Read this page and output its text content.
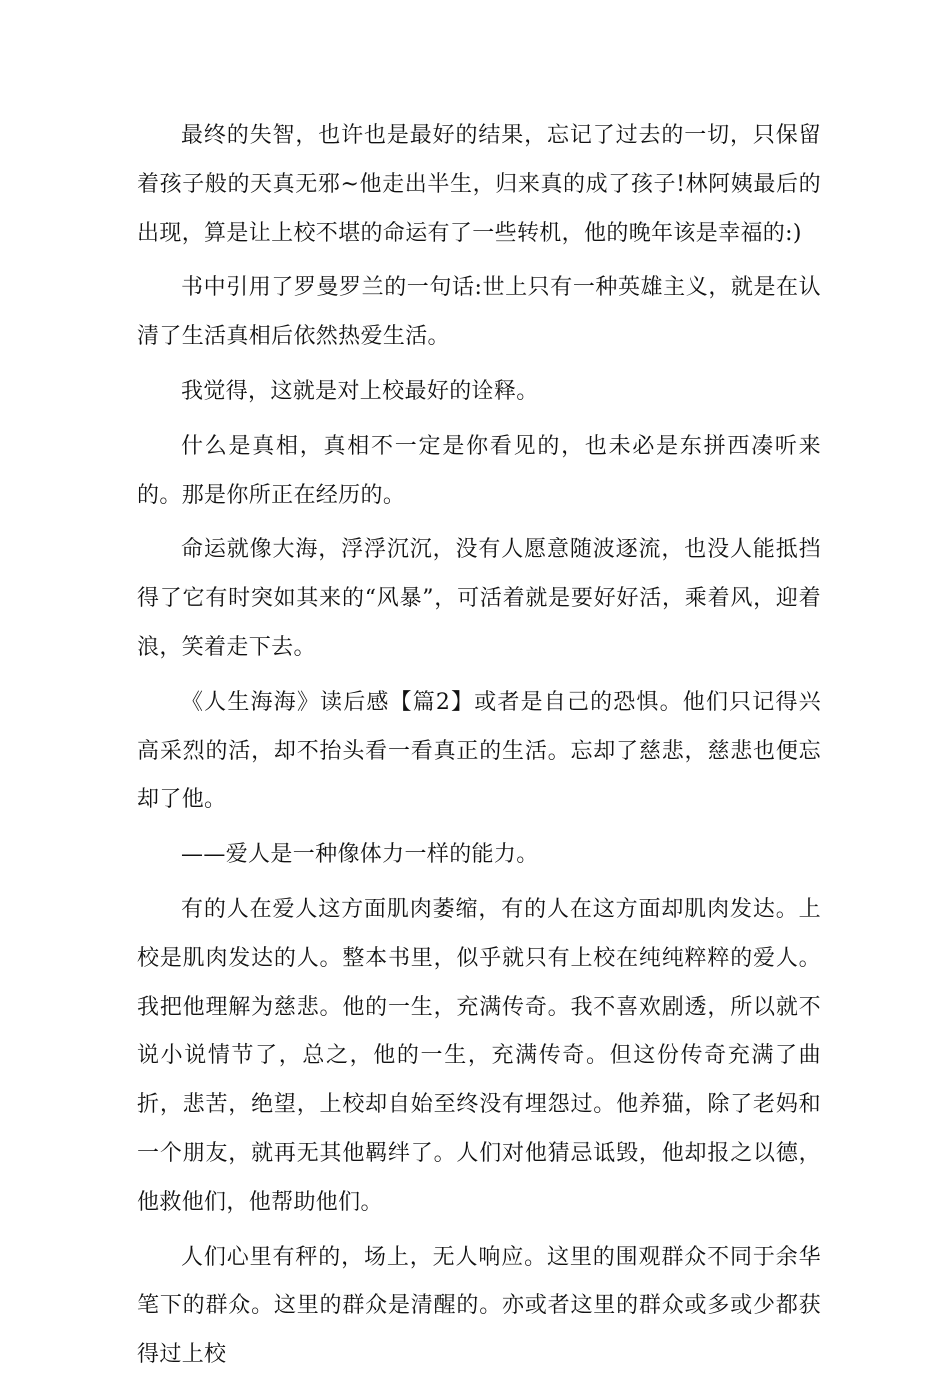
最终的失智，也许也是最好的结果，忘记了过去的一切，只保留着孩子般的天真无邪~他走出半生，归来真的成了孩子!林阿姨最后的出现，算是让上校不堪的命运有了一些转机，他的晚年该是幸福的:)

书中引用了罗曼罗兰的一句话:世上只有一种英雄主义，就是在认清了生活真相后依然热爱生活。

我觉得，这就是对上校最好的诠释。

什么是真相，真相不一定是你看见的，也未必是东拼西凑听来的。那是你所正在经历的。

命运就像大海，浮浮沉沉，没有人愿意随波逐流，也没人能抵挡得了它有时突如其来的“风暴”，可活着就是要好好活，乘着风，迎着浪，笑着走下去。

《人生海海》读后感【篇2】或者是自己的恐惧。他们只记得兴高采烈的活，却不抬头看一看真正的生活。忘却了慈悲，慈悲也便忘却了他。

——爱人是一种像体力一样的能力。

有的人在爱人这方面肌肉萎缩，有的人在这方面却肌肉发达。上校是肌肉发达的人。整本书里，似乎就只有上校在纯纯粹粹的爱人。我把他理解为慈悲。他的一生，充满传奇。我不喜欢剧透，所以就不说小说情节了，总之，他的一生，充满传奇。但这份传奇充满了曲折，悲苦，绝望，上校却自始至终没有埋怨过。他养猫，除了老妈和一个朋友，就再无其他羁绊了。人们对他猜忌诋毁，他却报之以德，他救他们，他帮助他们。

人们心里有秤的，场上，无人响应。这里的围观群众不同于余华笔下的群众。这里的群众是清醒的。亦或者这里的群众或多或少都获得过上校
